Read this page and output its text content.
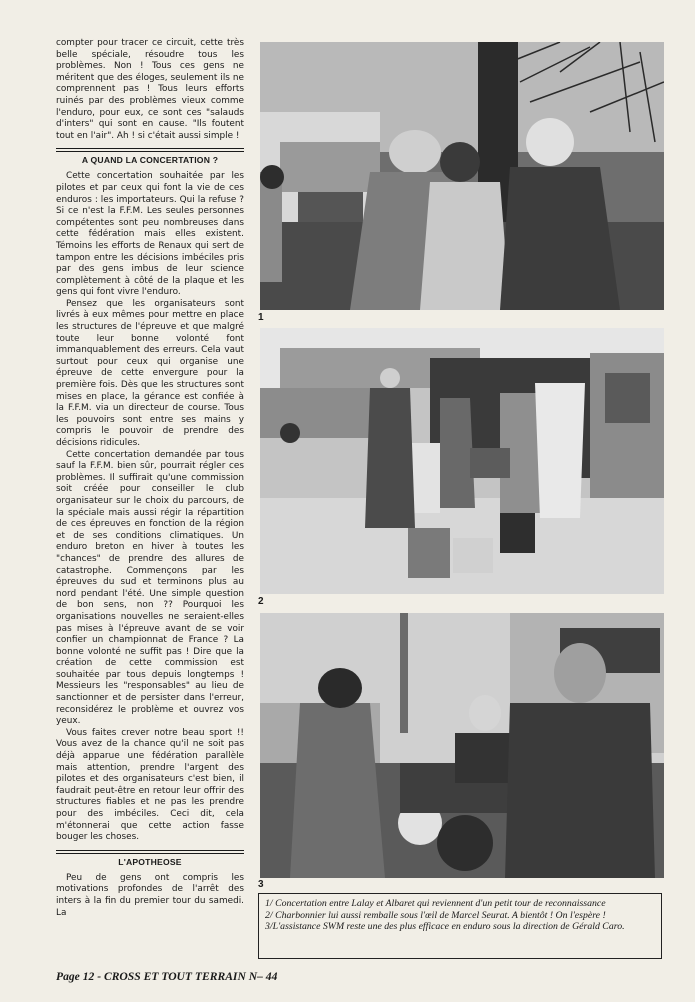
compter pour tracer ce circuit, cette très belle spéciale, résoudre tous les problèmes. Non ! Tous ces gens ne méritent que des éloges, seulement ils ne comprennent pas ! Tous leurs efforts ruinés par des problèmes vieux comme l'enduro, pour eux, ce sont ces "salauds d'inters" qui sont en cause. "Ils foutent tout en l'air". Ah ! si c'était aussi simple !

A QUAND LA CONCERTATION ?

Cette concertation souhaitée par les pilotes et par ceux qui font la vie de ces enduros : les importateurs. Qui la refuse ? Si ce n'est la F.F.M. Les seules personnes compétentes sont peu nombreuses dans cette fédération mais elles existent. Témoins les efforts de Renaux qui sert de tampon entre les décisions imbéciles pris par des gens imbus de leur science complètement à côté de la plaque et les gens qui font vivre l'enduro.

Pensez que les organisateurs sont livrés à eux mêmes pour mettre en place les structures de l'épreuve et que malgré toute leur bonne volonté font immanquablement des erreurs. Cela vaut surtout pour ceux qui organise une épreuve de cette envergure pour la première fois. Dès que les structures sont mises en place, la gérance est confiée à la F.F.M. via un directeur de course. Tous les pouvoirs sont entre ses mains y compris le pouvoir de prendre des décisions ridicules.

Cette concertation demandée par tous sauf la F.F.M. bien sûr, pourrait régler ces problèmes. Il suffirait qu'une commission soit créée pour conseiller le club organisateur sur le choix du parcours, de la spéciale mais aussi régir la répartition de ces épreuves en fonction de la région et de ses conditions climatiques. Un enduro breton en hiver à toutes les "chances" de prendre des allures de catastrophe. Commençons par les épreuves du sud et terminons plus au nord pendant l'été. Une simple question de bon sens, non ?? Pourquoi les organisations nouvelles ne seraient-elles pas mises à l'épreuve avant de se voir confier un championnat de France ? La bonne volonté ne suffit pas ! Dire que la création de cette commission est souhaitée par tous depuis longtemps ! Messieurs les "responsables" au lieu de sanctionner et de persister dans l'erreur, reconsidérez le problème et ouvrez vos yeux.

Vous faites crever notre beau sport !! Vous avez de la chance qu'il ne soit pas déjà apparue une fédération parallèle mais attention, prendre l'argent des pilotes et des organisateurs c'est bien, il faudrait peut-être en retour leur offrir des structures fiables et ne pas les prendre pour des imbéciles. Ceci dit, cela m'étonnerai que cette action fasse bouger les choses.

L'APOTHEOSE

Peu de gens ont compris les motivations profondes de l'arrêt des inters à la fin du premier tour du samedi. La

1
2
3

1/ Concertation entre Lalay et Albaret qui reviennent d'un petit tour de reconnaissance

2/ Charbonnier lui aussi remballe sous l'œil de Marcel Seurat. A bientôt ! On l'espère !

3/L'assistance SWM reste une des plus efficace en enduro sous la direction de Gérald Caro.

Page 12 - CROSS ET TOUT TERRAIN N– 44
